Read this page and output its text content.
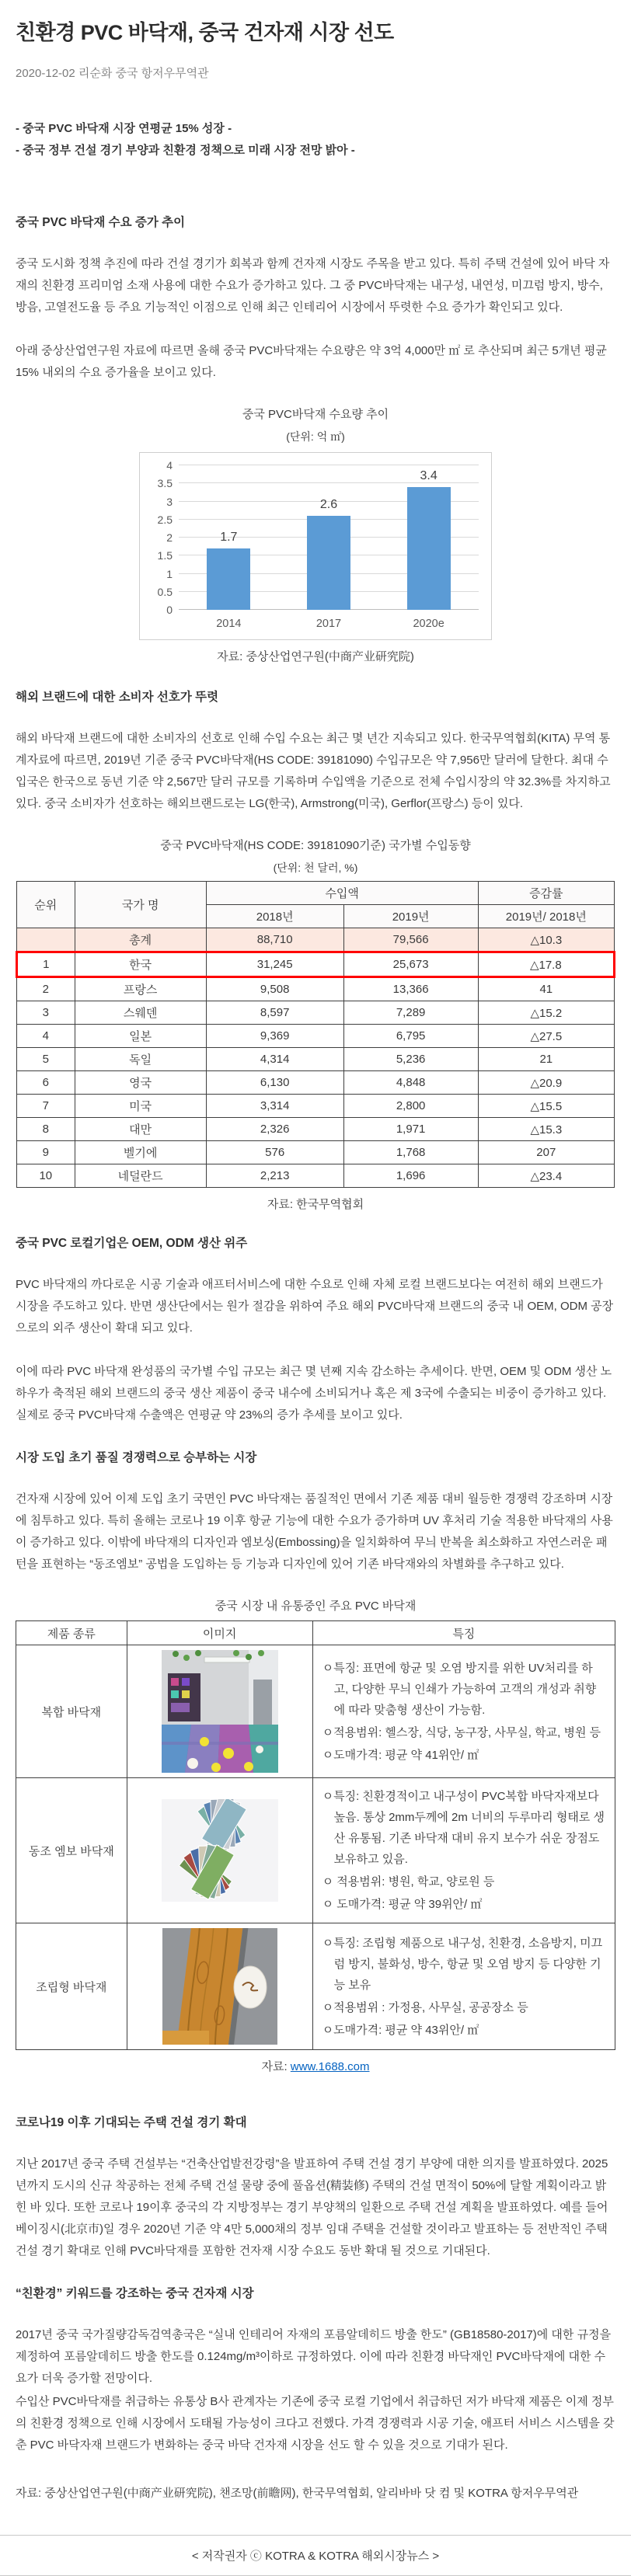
친환경 PVC 바닥재, 중국 건자재 시장 선도
2020-12-02 리순화 중국 항저우무역관
- 중국 PVC 바닥재 시장 연평균 15% 성장 -
- 중국 정부 건설 경기 부양과 친환경 정책으로 미래 시장 전망 밝아 -
중국 PVC 바닥재 수요 증가 추이

중국 도시화 정책 추진에 따라 건설 경기가 회복과 함께 건자재 시장도 주목을 받고 있다. 특히 주택 건설에 있어 바닥 자재의 친환경 프리미엄 소재 사용에 대한 수요가 증가하고 있다. 그 중 PVC바닥재는 내구성, 내연성, 미끄럼 방지, 방수, 방음, 고열전도율 등 주요 기능적인 이점으로 인해 최근 인테리어 시장에서 뚜렷한 수요 증가가 확인되고 있다.

아래 중상산업연구원 자료에 따르면 올해 중국 PVC바닥재는 수요량은 약 3억 4,000만 ㎡ 로 추산되며 최근 5개년 평균 15% 내외의 수요 증가율을 보이고 있다.

중국 PVC바닥재 수요량 추이
(단위: 억 ㎡)
0
0.5
1
1.5
2
2.5
3
3.5
4
1.7
2.6
3.4
2014	2017	2020e
자료: 중상산업연구원(中商产业研究院)

해외 브랜드에 대한 소비자 선호가 뚜렷

해외 바닥재 브랜드에 대한 소비자의 선호로 인해 수입 수요는 최근 몇 년간 지속되고 있다. 한국무역협회(KITA) 무역 통계자료에 따르면, 2019년 기준 중국 PVC바닥재(HS CODE: 39181090) 수입규모은 약 7,956만 달러에 달한다. 최대 수입국은 한국으로 동년 기준 약 2,567만 달러 규모를 기록하며 수입액을 기준으로 전체 수입시장의 약 32.3%를 차지하고 있다. 중국 소비자가 선호하는 해외브랜드로는 LG(한국), Armstrong(미국), Gerflor(프랑스) 등이 있다.

중국 PVC바닥재(HS CODE: 39181090기준) 국가별 수입동향
(단위: 천 달러, %)
순위	국가 명	수입액		증감률
		2018년	2019년	2019년/ 2018년
	총계	88,710	79,566	△10.3
1	한국	31,245	25,673	△17.8
2	프랑스	9,508	13,366	41
3	스웨덴	8,597	7,289	△15.2
4	일본	9,369	6,795	△27.5
5	독일	4,314	5,236	21
6	영국	6,130	4,848	△20.9
7	미국	3,314	2,800	△15.5
8	대만	2,326	1,971	△15.3
9	벨기에	576	1,768	207
10	네덜란드	2,213	1,696	△23.4
자료: 한국무역협회
중국 PVC 로컬기업은 OEM, ODM 생산 위주

PVC 바닥재의 까다로운 시공 기술과 애프터서비스에 대한 수요로 인해 자체 로컬 브랜드보다는 여전히 해외 브랜드가 시장을 주도하고 있다. 반면 생산단에서는 원가 절감을 위하여 주요 해외 PVC바닥재 브랜드의 중국 내 OEM, ODM 공장으로의 외주 생산이 확대 되고 있다.

이에 따라 PVC 바닥재 완성품의 국가별 수입 규모는 최근 몇 년째 지속 감소하는 추세이다. 반면, OEM 및 ODM 생산 노하우가 축적된 해외 브랜드의 중국 생산 제품이 중국 내수에 소비되거나 혹은 제 3국에 수출되는 비중이 증가하고 있다. 실제로 중국 PVC바닥재 수출액은 연평균 약 23%의 증가 추세를 보이고 있다.

시장 도입 초기 품질 경쟁력으로 승부하는 시장

건자재 시장에 있어 이제 도입 초기 국면인 PVC 바닥재는 품질적인 면에서 기존 제품 대비 월등한 경쟁력 강조하며 시장에 침투하고 있다. 특히 올해는 코로나 19 이후 항균 기능에 대한 수요가 증가하며 UV 후처리 기술 적용한 바닥재의 사용이 증가하고 있다. 이밖에 바닥재의 디자인과 엠보싱(Embossing)을 일치화하여 무늬 반복을 최소화하고 자연스러운 패턴을 표현하는 “동조엠보” 공법을 도입하는 등 기능과 디자인에 있어 기존 바닥재와의 차별화를 추구하고 있다.

중국 시장 내 유통중인 주요 PVC 바닥재
제품 종류	이미지	특징
복합 바닥재		ㅇ특징: 표면에 항균 및 오염 방지를 위한 UV처리를 하고, 다양한 무늬 인쇄가 가능하여 고객의 개성과 취향에 따라 맞춤형 생산이 가능함.
ㅇ적용범위: 헬스장, 식당, 농구장, 사무실, 학교, 병원 등
ㅇ도매가격: 평균 약 41위안/ ㎡

동조 엠보 바닥재		ㅇ특징: 친환경적이고 내구성이 PVC복합 바닥자재보다 높음. 통상 2mm두께에 2m 너비의 두루마리 형태로 생산 유통됨. 기존 바닥재 대비 유지 보수가 쉬운 장점도 보유하고 있음.
ㅇ 적용범위: 병원, 학교, 양로원 등
ㅇ 도매가격: 평균 약 39위안/ ㎡

조립형 바닥재		ㅇ특징: 조립형 제품으로 내구성, 친환경, 소음방지, 미끄럼 방지, 불화성, 방수, 항균 및 오염 방지 등 다양한 기능 보유
ㅇ적용범위 : 가정용, 사무실, 공공장소 등
ㅇ도매가격: 평균 약 43위안/ ㎡
자료: www.1688.com
코로나19 이후 기대되는 주택 건설 경기 확대

지난 2017년 중국 주택 건설부는 “건축산업발전강령”을 발표하여 주택 건설 경기 부양에 대한 의지를 발표하였다. 2025년까지 도시의 신규 착공하는 전체 주택 건설 물량 중에 풀옵션(精装修) 주택의 건설 면적이 50%에 달할 계획이라고 밝힌 바 있다. 또한 코로나 19이후 중국의 각 지방정부는 경기 부양책의 일환으로 주택 건설 계획을 발표하였다. 예를 들어 베이징시(北京市)일 경우 2020년 기준 약 4만 5,000채의 정부 임대 주택을 건설할 것이라고 발표하는 등 전반적인 주택 건설 경기 확대로 인해 PVC바닥재를 포함한 건자재 시장 수요도 동반 확대 될 것으로 기대된다.

“친환경” 키워드를 강조하는 중국 건자재 시장

2017년 중국 국가질량감독검역총국은 “실내 인테리어 자재의 포름알데히드 방출 한도” (GB18580-2017)에 대한 규정을 제정하여 포름알데히드 방출 한도를 0.124mg/m³이하로 규정하였다. 이에 따라 친환경 바닥재인 PVC바닥재에 대한 수요가 더욱 증가할 전망이다.

수입산 PVC바닥재를 취급하는 유통상 B사 관계자는 기존에 중국 로컬 기업에서 취급하던 저가 바닥재 제품은 이제 정부의 친환경 정책으로 인해 시장에서 도태될 가능성이 크다고 전했다. 가격 경쟁력과 시공 기술, 애프터 서비스 시스템을 갖춘 PVC 바닥자재 브랜드가 변화하는 중국 바닥 건자재 시장을 선도 할 수 있을 것으로 기대가 된다.

자료: 중상산업연구원(中商产业研究院), 챈조망(前瞻网), 한국무역협회, 알리바바 닷 컴 및 KOTRA 항저우무역관
< 저작권자 ⓒ KOTRA & KOTRA 해외시장뉴스 >
